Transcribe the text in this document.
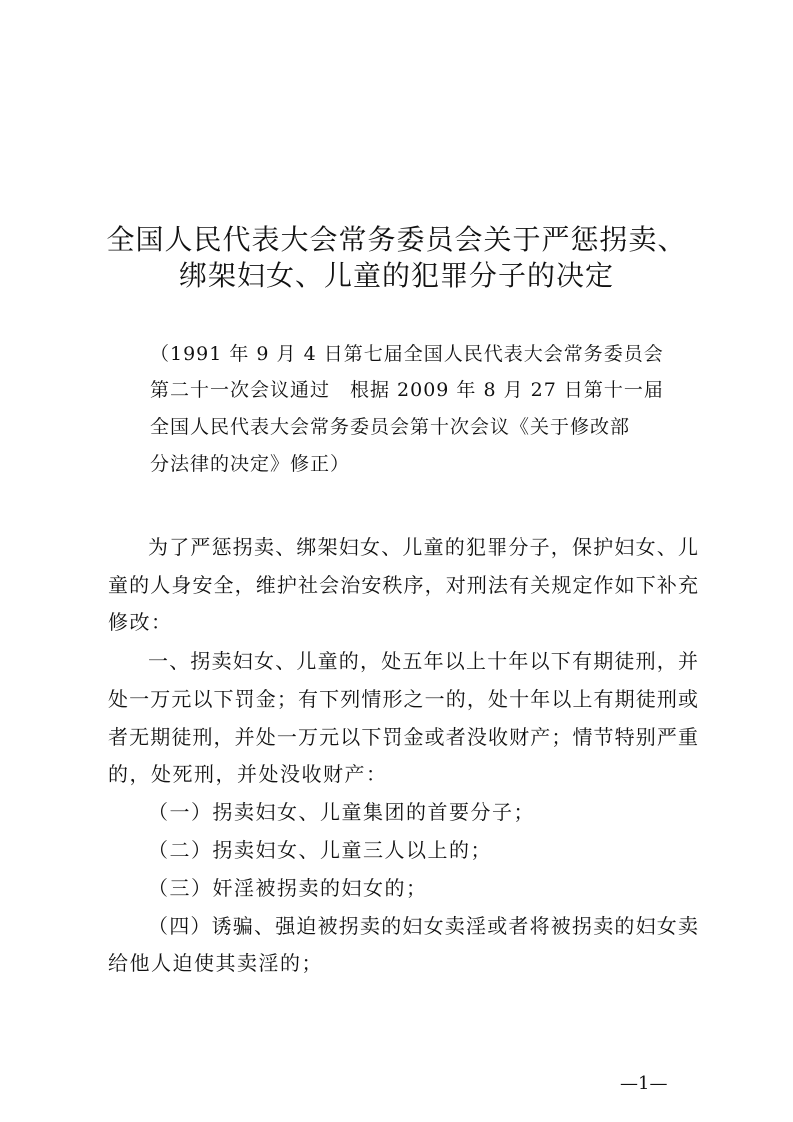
全国人民代表大会常务委员会关于严惩拐卖、
绑架妇女、儿童的犯罪分子的决定
（1991 年 9 月 4 日第七届全国人民代表大会常务委员会
第二十一次会议通过　根据 2009 年 8 月 27 日第十一届
全国人民代表大会常务委员会第十次会议《关于修改部
分法律的决定》修正）
为了严惩拐卖、绑架妇女、儿童的犯罪分子，保护妇女、儿
童的人身安全，维护社会治安秩序，对刑法有关规定作如下补充
修改：
一、拐卖妇女、儿童的，处五年以上十年以下有期徒刑，并
处一万元以下罚金；有下列情形之一的，处十年以上有期徒刑或
者无期徒刑，并处一万元以下罚金或者没收财产；情节特别严重
的，处死刑，并处没收财产：
（一）拐卖妇女、儿童集团的首要分子；
（二）拐卖妇女、儿童三人以上的；
（三）奸淫被拐卖的妇女的；
（四）诱骗、强迫被拐卖的妇女卖淫或者将被拐卖的妇女卖
给他人迫使其卖淫的；
—1—
